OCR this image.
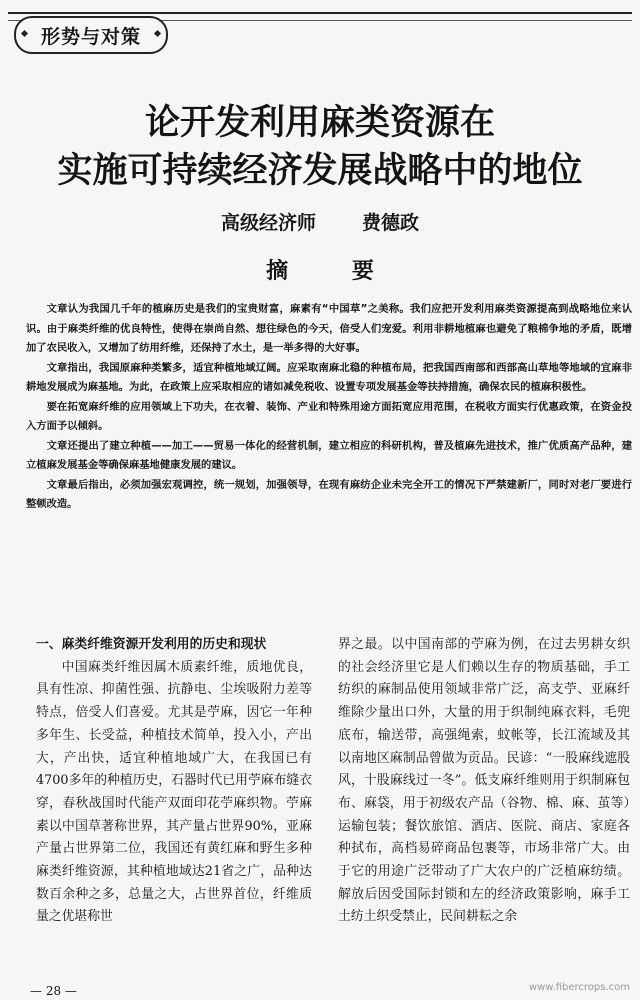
形势与对策
论开发利用麻类资源在
实施可持续经济发展战略中的地位
高级经济师 费德政
摘 要

文章认为我国几千年的植麻历史是我们的宝贵财富，麻素有“中国草”之美称。我们应把开发利用麻类资源提高到战略地位来认识。由于麻类纤维的优良特性，使得在崇尚自然、想往绿色的今天，倍受人们宠爱。利用非耕地植麻也避免了粮棉争地的矛盾，既增加了农民收入，又增加了纺用纤维，还保持了水土，是一举多得的大好事。

文章指出，我国原麻种类繁多，适宜种植地域辽阔。应采取南麻北稳的种植布局，把我国西南部和西部高山草地等地域的宜麻非耕地发展成为麻基地。为此，在政策上应采取相应的诸如减免税收、设置专项发展基金等扶持措施，确保农民的植麻积极性。

要在拓宽麻纤维的应用领域上下功夫，在衣着、装饰、产业和特殊用途方面拓宽应用范围，在税收方面实行优惠政策，在资金投入方面予以倾斜。

文章还提出了建立种植——加工——贸易一体化的经营机制，建立相应的科研机构，普及植麻先进技术，推广优质高产品种，建立植麻发展基金等确保麻基地健康发展的建议。

文章最后指出，必须加强宏观调控，统一规划，加强领导，在现有麻纺企业未完全开工的情况下严禁建新厂，同时对老厂要进行整顿改造。

一、麻类纤维资源开发利用的历史和现状

中国麻类纤维因属木质素纤维，质地优良，具有性凉、抑菌性强、抗静电、尘埃吸附力差等特点，倍受人们喜爱。尤其是苧麻，因它一年种多年生、长受益，种植技术简单，投入小，产出大，产出快，适宜种植地域广大，在我国已有4700多年的种植历史，石器时代已用苧麻布缝衣穿，春秋战国时代能产双面印花苧麻织物。苧麻素以中国草著称世界，其产量占世界90%，亚麻产量占世界第二位，我国还有黄红麻和野生多种麻类纤维资源，其种植地域达21省之广，品种达数百余种之多，总量之大，占世界首位，纤维质量之优堪称世

界之最。以中国南部的苧麻为例，在过去男耕女织的社会经济里它是人们赖以生存的物质基础，手工纺织的麻制品使用领域非常广泛，高支苧、亚麻纤维除少量出口外，大量的用于织制纯麻衣料，毛兜底布，输送带，高强绳索，蚊帐等，长江流域及其以南地区麻制品曾做为贡品。民谚：“一股麻线遮股风，十股麻线过一冬”。低支麻纤维则用于织制麻包布、麻袋，用于初级农产品（谷物、棉、麻、茧等）运输包装；餐饮旅馆、酒店、医院、商店、家庭各种拭布，高档易碎商品包裹等，市场非常广大。由于它的用途广泛带动了广大农户的广泛植麻纺绩。解放后因受国际封锁和左的经济政策影响，麻手工土纺土织受禁止，民间耕耘之余

— 28 —	www.fibercrops.com
